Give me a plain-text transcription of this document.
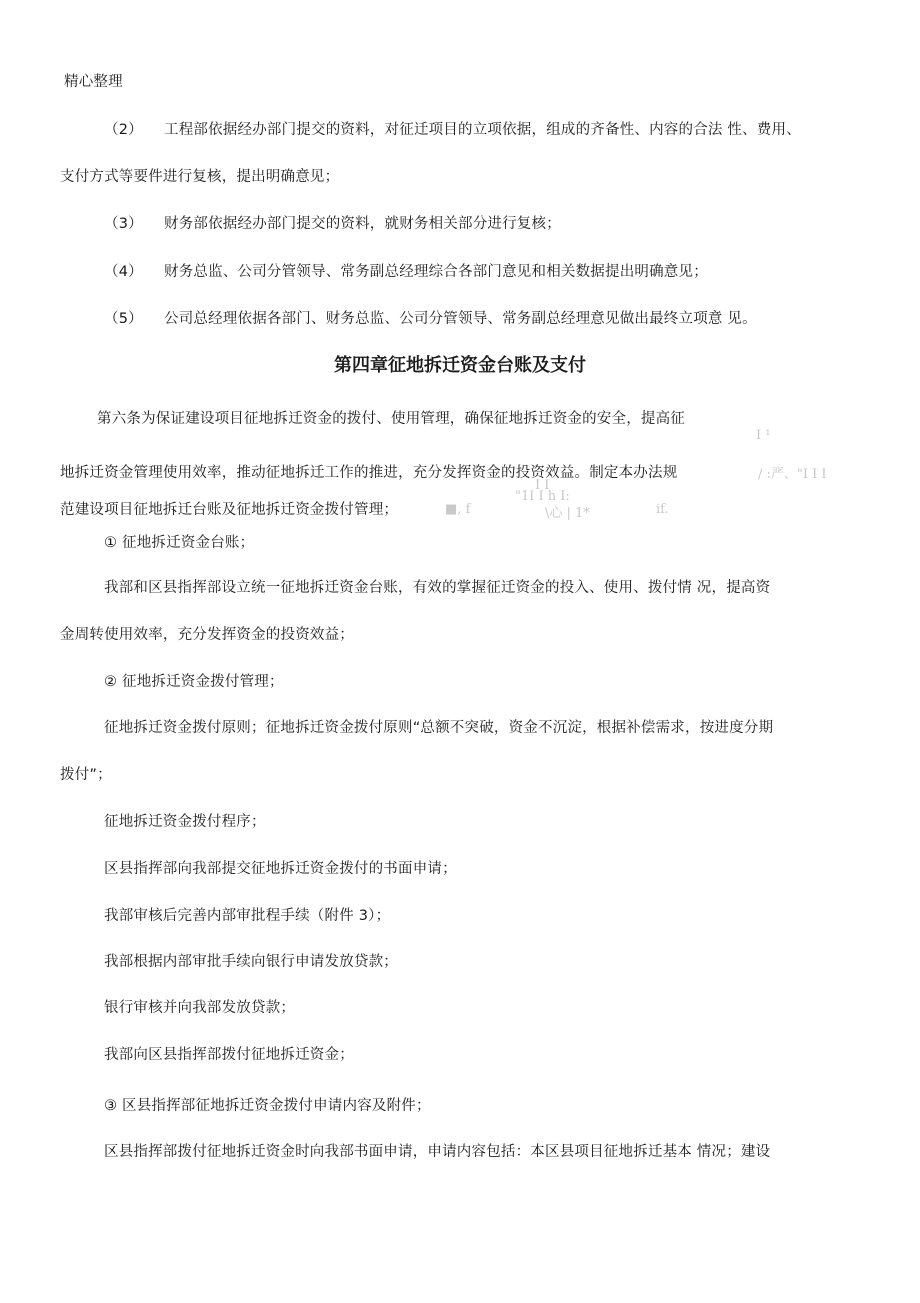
精心整理
（2） 工程部依据经办部门提交的资料，对征迁项目的立项依据，组成的齐备性、内容的合法 性、费用、
支付方式等要件进行复核，提出明确意见；
（3） 财务部依据经办部门提交的资料，就财务相关部分进行复核；
（4） 财务总监、公司分管领导、常务副总经理综合各部门意见和相关数据提出明确意见；
（5） 公司总经理依据各部门、财务总监、公司分管领导、常务副总经理意见做出最终立项意 见。
第四章征地拆迁资金台账及支付
第六条为保证建设项目征地拆迁资金的拨付、使用管理，确保征地拆迁资金的安全，提高征
地拆迁资金管理使用效率，推动征地拆迁工作的推进，充分发挥资金的投资效益。制定本办法规
范建设项目征地拆迁台账及征地拆迁资金拨付管理；
I ¹
/ :严、"I I I
I I
"1I I h I:
■, f	\心 | 1*	if.
① 征地拆迁资金台账；
我部和区县指挥部设立统一征地拆迁资金台账，有效的掌握征迁资金的投入、使用、拨付情 况，提高资
金周转使用效率，充分发挥资金的投资效益；
② 征地拆迁资金拨付管理；
征地拆迁资金拨付原则；征地拆迁资金拨付原则“总额不突破，资金不沉淀，根据补偿需求，按进度分期
拨付”；
征地拆迁资金拨付程序；
区县指挥部向我部提交征地拆迁资金拨付的书面申请；
我部审核后完善内部审批程手续（附件 3）；
我部根据内部审批手续向银行申请发放贷款；
银行审核并向我部发放贷款；
我部向区县指挥部拨付征地拆迁资金；
③ 区县指挥部征地拆迁资金拨付申请内容及附件；
区县指挥部拨付征地拆迁资金时向我部书面申请，申请内容包括：本区县项目征地拆迁基本 情况；建设
